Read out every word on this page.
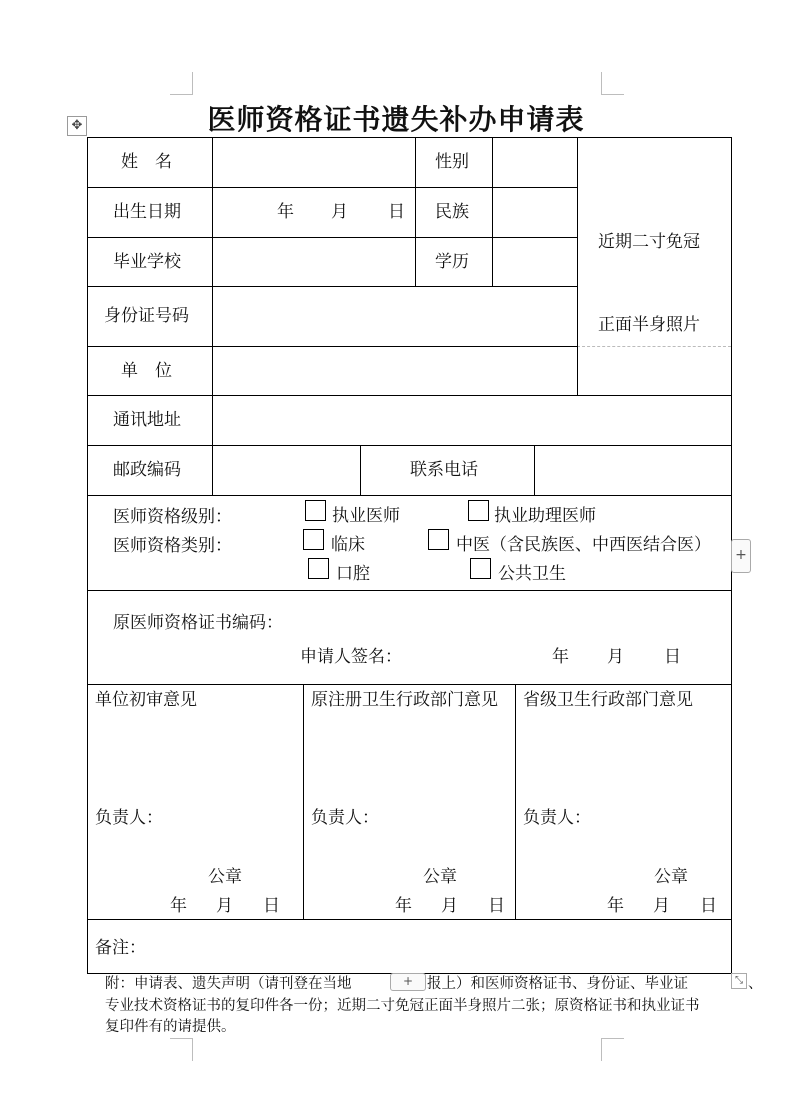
医师资格证书遗失补办申请表
✥
姓　名	性别
出生日期	年 月 日 民族
毕业学校	学历
身份证号码
单　位
通讯地址
邮政编码	联系电话
近期二寸免冠
正面半身照片
医师资格级别：	执业医师	执业助理医师
医师资格类别：	临床	中医（含民族医、中西医结合医）
口腔	公共卫生
原医师资格证书编码：
申请人签名：	年 月 日
单位初审意见
负责人：
公章
年 月 日
原注册卫生行政部门意见
负责人：
公章
年 月 日
省级卫生行政部门意见
负责人：
公章
年 月 日
备注：
附：申请表、遗失声明（请刊登在当地	报上）和医师资格证书、身份证、毕业证	、
专业技术资格证书的复印件各一份；近期二寸免冠正面半身照片二张；原资格证书和执业证书
复印件有的请提供。
+
+	⤡
